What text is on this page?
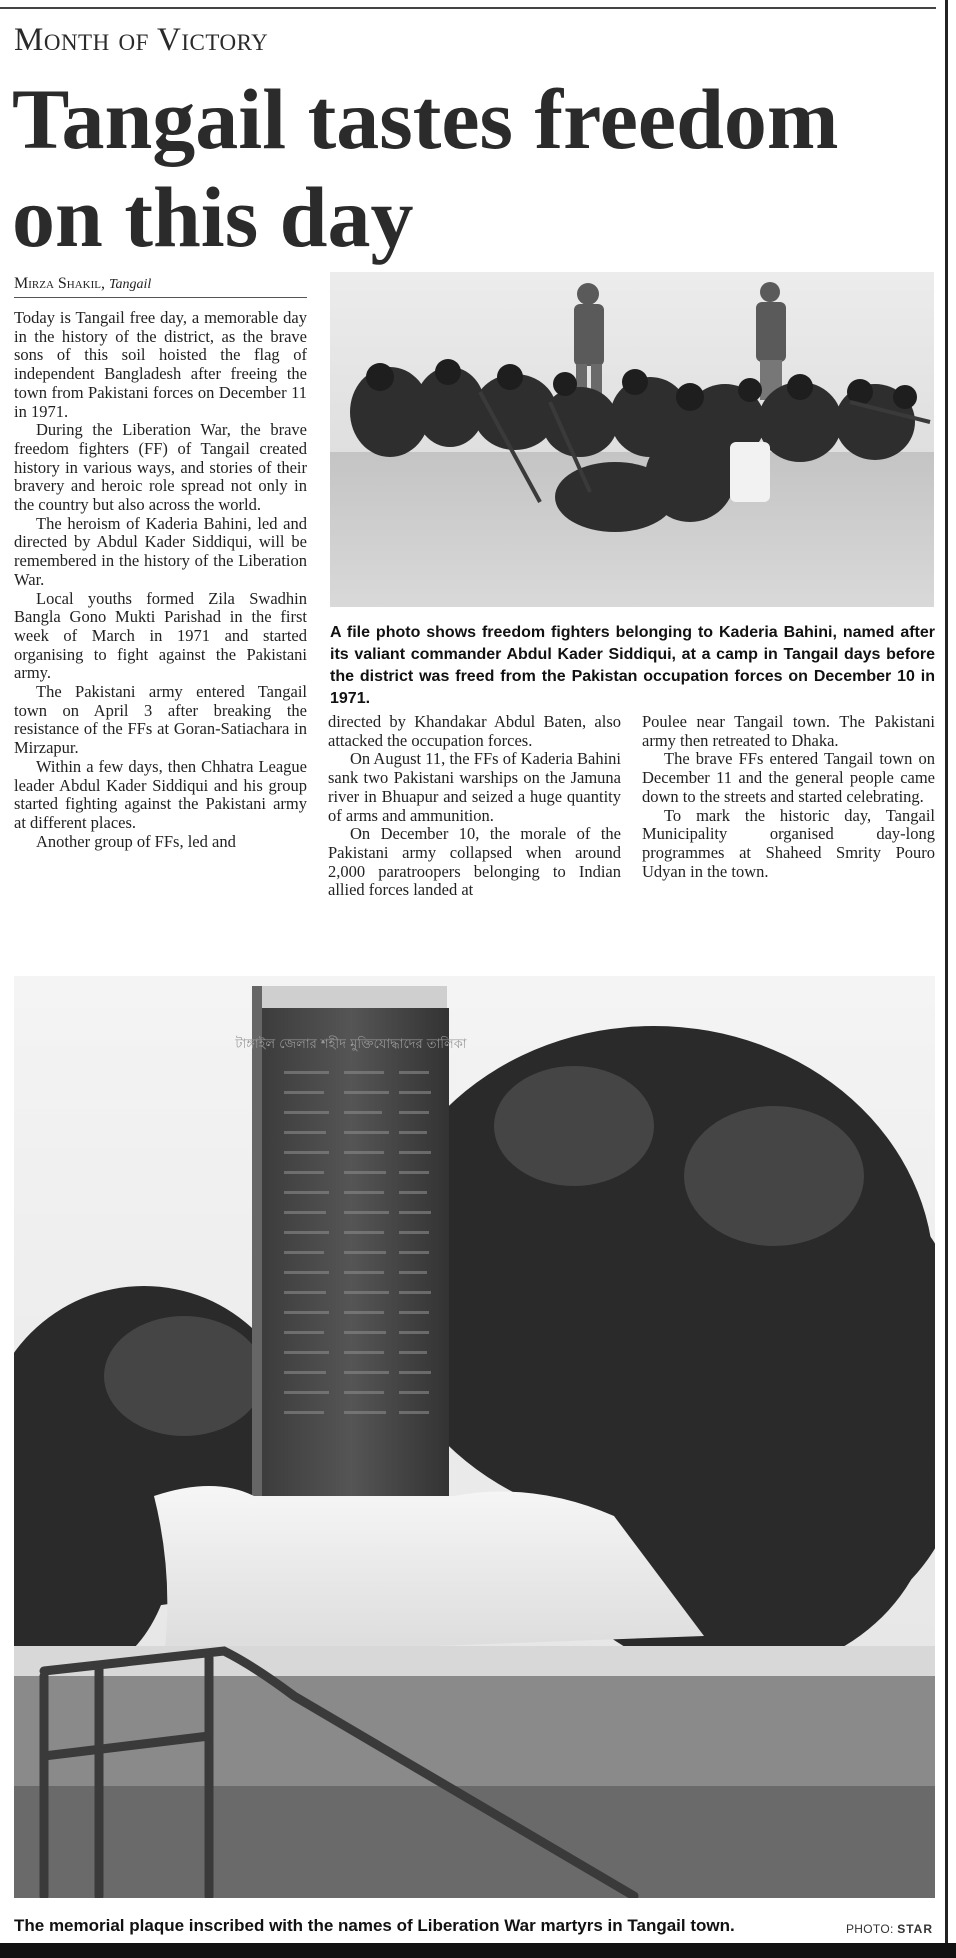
Month of Victory
Tangail tastes freedom
on this day
Mirza Shakil, Tangail

Today is Tangail free day, a memorable day in the history of the district, as the brave sons of this soil hoisted the flag of independent Bangladesh after freeing the town from Pakistani forces on December 11 in 1971.

During the Liberation War, the brave freedom fighters (FF) of Tangail created history in various ways, and stories of their bravery and heroic role spread not only in the country but also across the world.

The heroism of Kaderia Bahini, led and directed by Abdul Kader Siddiqui, will be remembered in the history of the Liberation War.

Local youths formed Zila Swadhin Bangla Gono Mukti Parishad in the first week of March in 1971 and started organising to fight against the Pakistani army.

The Pakistani army entered Tangail town on April 3 after breaking the resistance of the FFs at Goran-Satiachara in Mirzapur.

Within a few days, then Chhatra League leader Abdul Kader Siddiqui and his group started fighting against the Pakistani army at different places.

Another group of FFs, led and

A file photo shows freedom fighters belonging to Kaderia Bahini, named after its valiant commander Abdul Kader Siddiqui, at a camp in Tangail days before the district was freed from the Pakistan occupation forces on December 10 in 1971.

directed by Khandakar Abdul Baten, also attacked the occupation forces.

On August 11, the FFs of Kaderia Bahini sank two Pakistani warships on the Jamuna river in Bhuapur and seized a huge quantity of arms and ammunition.

On December 10, the morale of the Pakistani army collapsed when around 2,000 paratroopers belonging to Indian allied forces landed at

Poulee near Tangail town. The Pakistani army then retreated to Dhaka.

The brave FFs entered Tangail town on December 11 and the general people came down to the streets and started celebrating.

To mark the historic day, Tangail Municipality organised day-long programmes at Shaheed Smrity Pouro Udyan in the town.

টাঙ্গাইল জেলার শহীদ মুক্তিযোদ্ধাদের তালিকা

The memorial plaque inscribed with the names of Liberation War martyrs in Tangail town.	PHOTO: STAR
